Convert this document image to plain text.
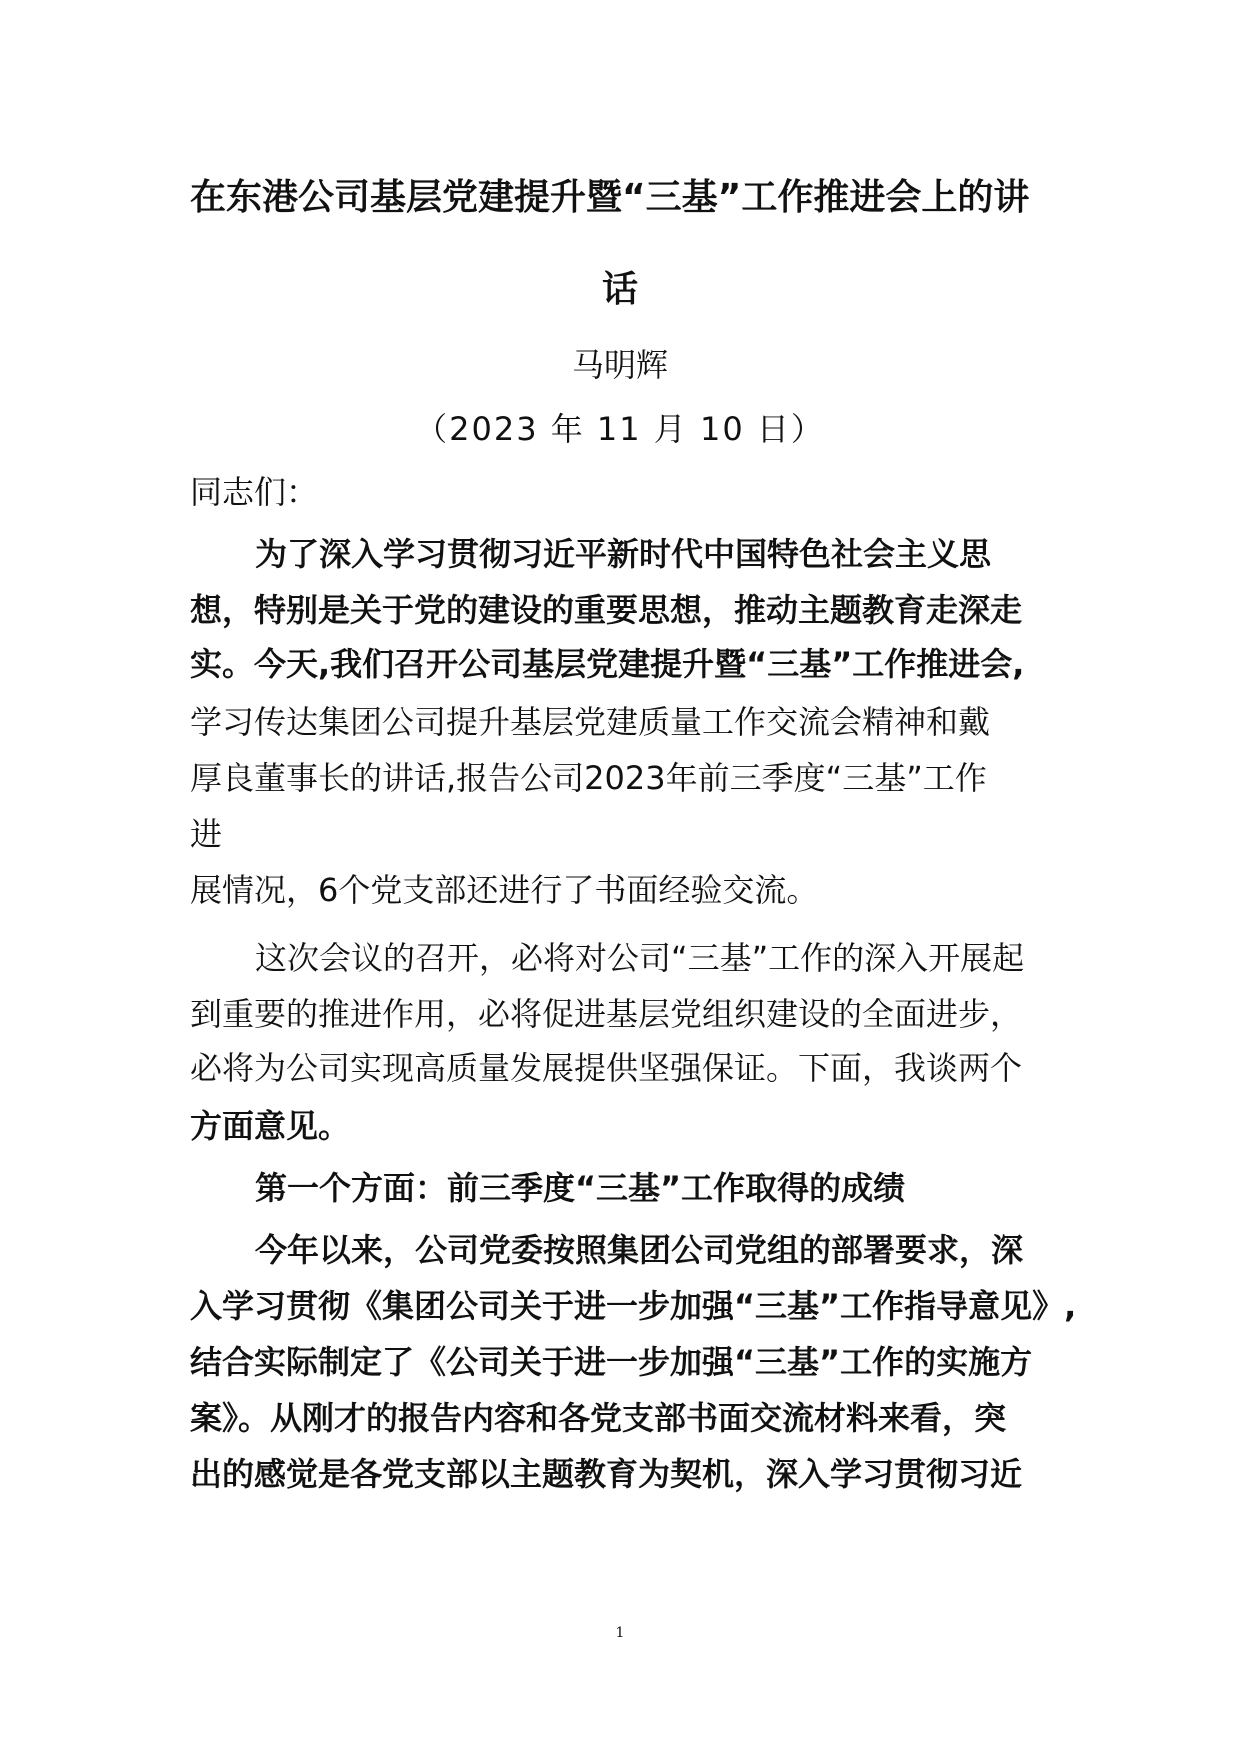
在东港公司基层党建提升暨“三基”工作推进会上的讲
话
马明辉
（2023 年 11 月 10 日）
同志们：
为了深入学习贯彻习近平新时代中国特色社会主义思
想，特别是关于党的建设的重要思想，推动主题教育走深走
实。今天,我们召开公司基层党建提升暨“三基”工作推进会,
学习传达集团公司提升基层党建质量工作交流会精神和戴
厚良董事长的讲话,报告公司2023年前三季度“三基”工作
进
展情况，6个党支部还进行了书面经验交流。
这次会议的召开，必将对公司“三基”工作的深入开展起
到重要的推进作用，必将促进基层党组织建设的全面进步，
必将为公司实现高质量发展提供坚强保证。下面，我谈两个
方面意见。
第一个方面：前三季度“三基”工作取得的成绩
今年以来，公司党委按照集团公司党组的部署要求，深
入学习贯彻《集团公司关于进一步加强“三基”工作指导意见》,
结合实际制定了《公司关于进一步加强“三基”工作的实施方
案》。从刚才的报告内容和各党支部书面交流材料来看，突
出的感觉是各党支部以主题教育为契机，深入学习贯彻习近
1
